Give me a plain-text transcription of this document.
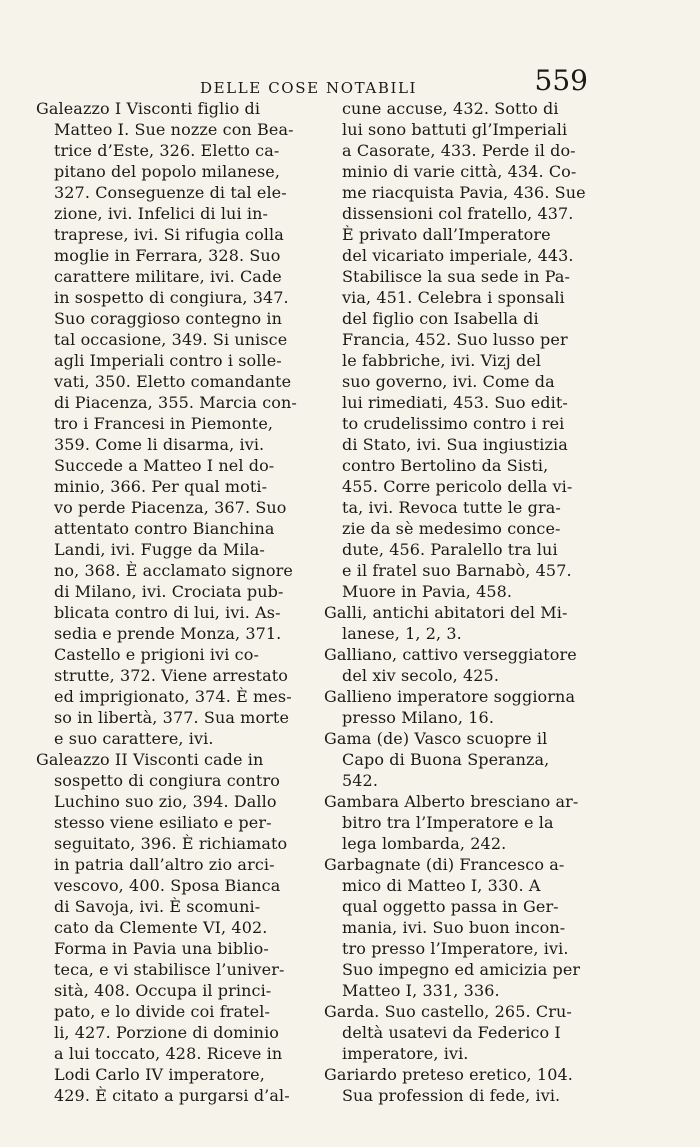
DELLE COSE NOTABILI	559
Galeazzo I Visconti figlio di
Matteo I. Sue nozze con Bea-
trice d’Este, 326. Eletto ca-
pitano del popolo milanese,
327. Conseguenze di tal ele-
zione, ivi. Infelici di lui in-
traprese, ivi. Si rifugia colla
moglie in Ferrara, 328. Suo
carattere militare, ivi. Cade
in sospetto di congiura, 347.
Suo coraggioso contegno in
tal occasione, 349. Si unisce
agli Imperiali contro i solle-
vati, 350. Eletto comandante
di Piacenza, 355. Marcia con-
tro i Francesi in Piemonte,
359. Come li disarma, ivi.
Succede a Matteo I nel do-
minio, 366. Per qual moti-
vo perde Piacenza, 367. Suo
attentato contro Bianchina
Landi, ivi. Fugge da Mila-
no, 368. È acclamato signore
di Milano, ivi. Crociata pub-
blicata contro di lui, ivi. As-
sedia e prende Monza, 371.
Castello e prigioni ivi co-
strutte, 372. Viene arrestato
ed imprigionato, 374. È mes-
so in libertà, 377. Sua morte
e suo carattere, ivi.
Galeazzo II Visconti cade in
sospetto di congiura contro
Luchino suo zio, 394. Dallo
stesso viene esiliato e per-
seguitato, 396. È richiamato
in patria dall’altro zio arci-
vescovo, 400. Sposa Bianca
di Savoja, ivi. È scomuni-
cato da Clemente VI, 402.
Forma in Pavia una biblio-
teca, e vi stabilisce l’univer-
sità, 408. Occupa il princi-
pato, e lo divide coi fratel-
li, 427. Porzione di dominio
a lui toccato, 428. Riceve in
Lodi Carlo IV imperatore,
429. È citato a purgarsi d’al-
cune accuse, 432. Sotto di
lui sono battuti gl’Imperiali
a Casorate, 433. Perde il do-
minio di varie città, 434. Co-
me riacquista Pavia, 436. Sue
dissensioni col fratello, 437.
È privato dall’Imperatore
del vicariato imperiale, 443.
Stabilisce la sua sede in Pa-
via, 451. Celebra i sponsali
del figlio con Isabella di
Francia, 452. Suo lusso per
le fabbriche, ivi. Vizj del
suo governo, ivi. Come da
lui rimediati, 453. Suo edit-
to crudelissimo contro i rei
di Stato, ivi. Sua ingiustizia
contro Bertolino da Sisti,
455. Corre pericolo della vi-
ta, ivi. Revoca tutte le gra-
zie da sè medesimo conce-
dute, 456. Paralello tra lui
e il fratel suo Barnabò, 457.
Muore in Pavia, 458.
Galli, antichi abitatori del Mi-
lanese, 1, 2, 3.
Galliano, cattivo verseggiatore
del xiv secolo, 425.
Gallieno imperatore soggiorna
presso Milano, 16.
Gama (de) Vasco scuopre il
Capo di Buona Speranza,
542.
Gambara Alberto bresciano ar-
bitro tra l’Imperatore e la
lega lombarda, 242.
Garbagnate (di) Francesco a-
mico di Matteo I, 330. A
qual oggetto passa in Ger-
mania, ivi. Suo buon incon-
tro presso l’Imperatore, ivi.
Suo impegno ed amicizia per
Matteo I, 331, 336.
Garda. Suo castello, 265. Cru-
deltà usatevi da Federico I
imperatore, ivi.
Gariardo preteso eretico, 104.
Sua profession di fede, ivi.
